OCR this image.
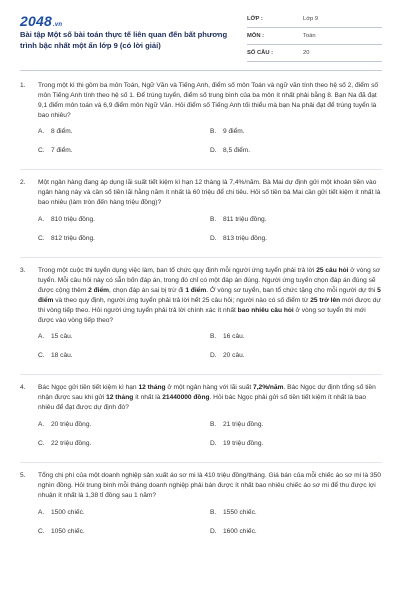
2048.vn
Bài tập Một số bài toán thực tế liên quan đến bất phương trình bậc nhất một ẩn lớp 9 (có lời giải)
LỚP :	Lớp 9
MÔN :	Toán
SỐ CÂU :	20
1. Trong một kì thi gồm ba môn Toán, Ngữ Văn và Tiếng Anh, điểm số môn Toán và ngữ văn tính theo hệ số 2, điểm số môn Tiếng Anh tính theo hệ số 1. Để trúng tuyển, điểm số trung bình của ba môn ít nhất phải bằng 8. Bạn Na đã đạt 9,1 điểm môn toán và 6,9 điểm môn Ngữ Văn. Hỏi điểm số Tiếng Anh tối thiểu mà bạn Na phải đạt để trúng tuyển là bao nhiêu?
A. 8 điểm.	B. 9 điểm.
C. 7 điểm.	D. 8,5 điểm.
2. Một ngân hàng đang áp dụng lãi suất tiết kiệm kì hạn 12 tháng là 7,4%/năm. Bà Mai dự định gửi một khoản tiền vào ngân hàng này và cần số tiền lãi hằng năm ít nhất là 60 triệu để chi tiêu. Hỏi số tiền bà Mai cần gửi tiết kiệm ít nhất là bao nhiêu (làm tròn đến hàng triệu đồng)?
A. 810 triệu đồng.	B. 811 triệu đồng.
C. 812 triệu đồng.	D. 813 triệu đồng.
3. Trong một cuộc thi tuyển dụng việc làm, ban tổ chức quy định mỗi người ứng tuyển phải trả lời 25 câu hỏi ở vòng sơ tuyển. Mỗi câu hỏi này có sẵn bốn đáp án, trong đó chỉ có một đáp án đúng. Người ứng tuyển chọn đáp án đúng sẽ được cộng thêm 2 điểm, chọn đáp án sai bị trừ đi 1 điểm. Ở vòng sơ tuyển, ban tổ chức tặng cho mỗi người dự thi 5 điểm và theo quy định, người ứng tuyển phải trả lời hết 25 câu hỏi; người nào có số điểm từ 25 trở lên mới được dự thi vòng tiếp theo. Hỏi người ứng tuyển phải trả lời chính xác ít nhất bao nhiêu câu hỏi ở vòng sơ tuyển thì mới được vào vòng tiếp theo?
A. 15 câu.	B. 16 câu.
C. 18 câu.	D. 20 câu.
4. Bác Ngọc gửi tiền tiết kiệm kì hạn 12 tháng ở một ngân hàng với lãi suất 7,2%/năm. Bác Ngọc dự định tổng số tiền nhận được sau khi gửi 12 tháng ít nhất là 21440000 đồng. Hỏi bác Ngọc phải gửi số tiền tiết kiệm ít nhất là bao nhiêu để đạt được dự định đó?
A. 20 triệu đồng.	B. 21 triệu đồng.
C. 22 triệu đồng.	D. 19 triệu đồng.
5. Tổng chi phí của một doanh nghiệp sản xuất áo sơ mi là 410 triệu đồng/tháng. Giá bán của mỗi chiếc áo sơ mi là 350 nghìn đồng. Hỏi trung bình mỗi tháng doanh nghiệp phải bán được ít nhất bao nhiêu chiếc áo sơ mi để thu được lợi nhuận ít nhất là 1,38 tỉ đồng sau 1 năm?
A. 1500 chiếc.	B. 1550 chiếc.
C. 1050 chiếc.	D. 1600 chiếc.
